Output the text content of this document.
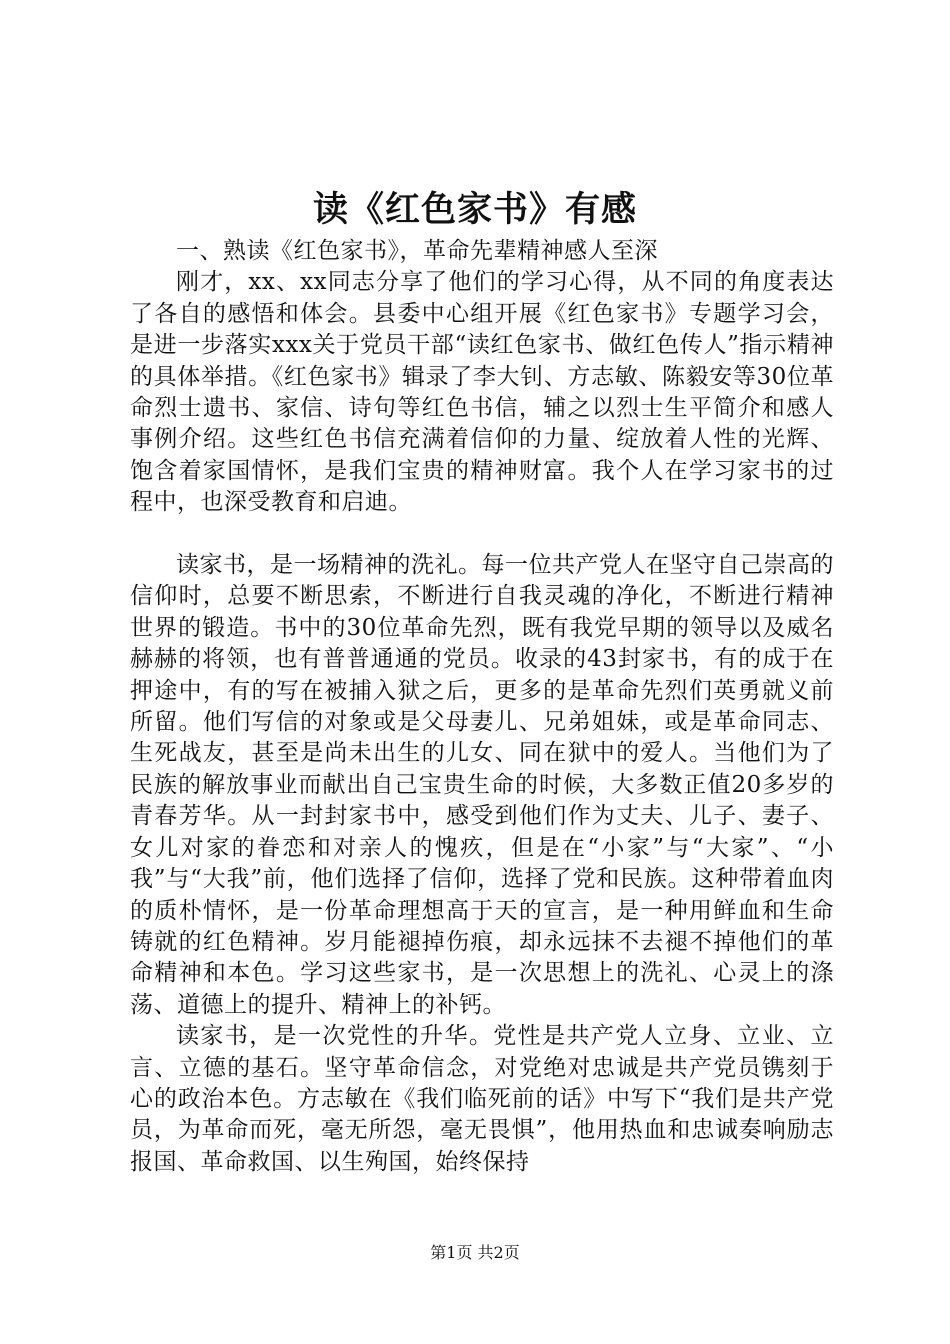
读《红色家书》有感

一、熟读《红色家书》，革命先辈精神感人至深

刚才，xx、xx同志分享了他们的学习心得，从不同的角度表达了各自的感悟和体会。县委中心组开展《红色家书》专题学习会，是进一步落实xxx关于党员干部“读红色家书、做红色传人”指示精神的具体举措。《红色家书》辑录了李大钊、方志敏、陈毅安等30位革命烈士遗书、家信、诗句等红色书信，辅之以烈士生平简介和感人事例介绍。这些红色书信充满着信仰的力量、绽放着人性的光辉、饱含着家国情怀，是我们宝贵的精神财富。我个人在学习家书的过程中，也深受教育和启迪。

读家书，是一场精神的洗礼。每一位共产党人在坚守自己崇高的信仰时，总要不断思索，不断进行自我灵魂的净化，不断进行精神世界的锻造。书中的30位革命先烈，既有我党早期的领导以及威名赫赫的将领，也有普普通通的党员。收录的43封家书，有的成于在押途中，有的写在被捕入狱之后，更多的是革命先烈们英勇就义前所留。他们写信的对象或是父母妻儿、兄弟姐妹，或是革命同志、生死战友，甚至是尚未出生的儿女、同在狱中的爱人。当他们为了民族的解放事业而献出自己宝贵生命的时候，大多数正值20多岁的青春芳华。从一封封家书中，感受到他们作为丈夫、儿子、妻子、女儿对家的眷恋和对亲人的愧疚，但是在“小家”与“大家”、“小我”与“大我”前，他们选择了信仰，选择了党和民族。这种带着血肉的质朴情怀，是一份革命理想高于天的宣言，是一种用鲜血和生命铸就的红色精神。岁月能褪掉伤痕，却永远抹不去褪不掉他们的革命精神和本色。学习这些家书，是一次思想上的洗礼、心灵上的涤荡、道德上的提升、精神上的补钙。

读家书，是一次党性的升华。党性是共产党人立身、立业、立言、立德的基石。坚守革命信念，对党绝对忠诚是共产党员镌刻于心的政治本色。方志敏在《我们临死前的话》中写下“我们是共产党员，为革命而死，毫无所怨，毫无畏惧”，他用热血和忠诚奏响励志报国、革命救国、以生殉国，始终保持

第1页 共2页
